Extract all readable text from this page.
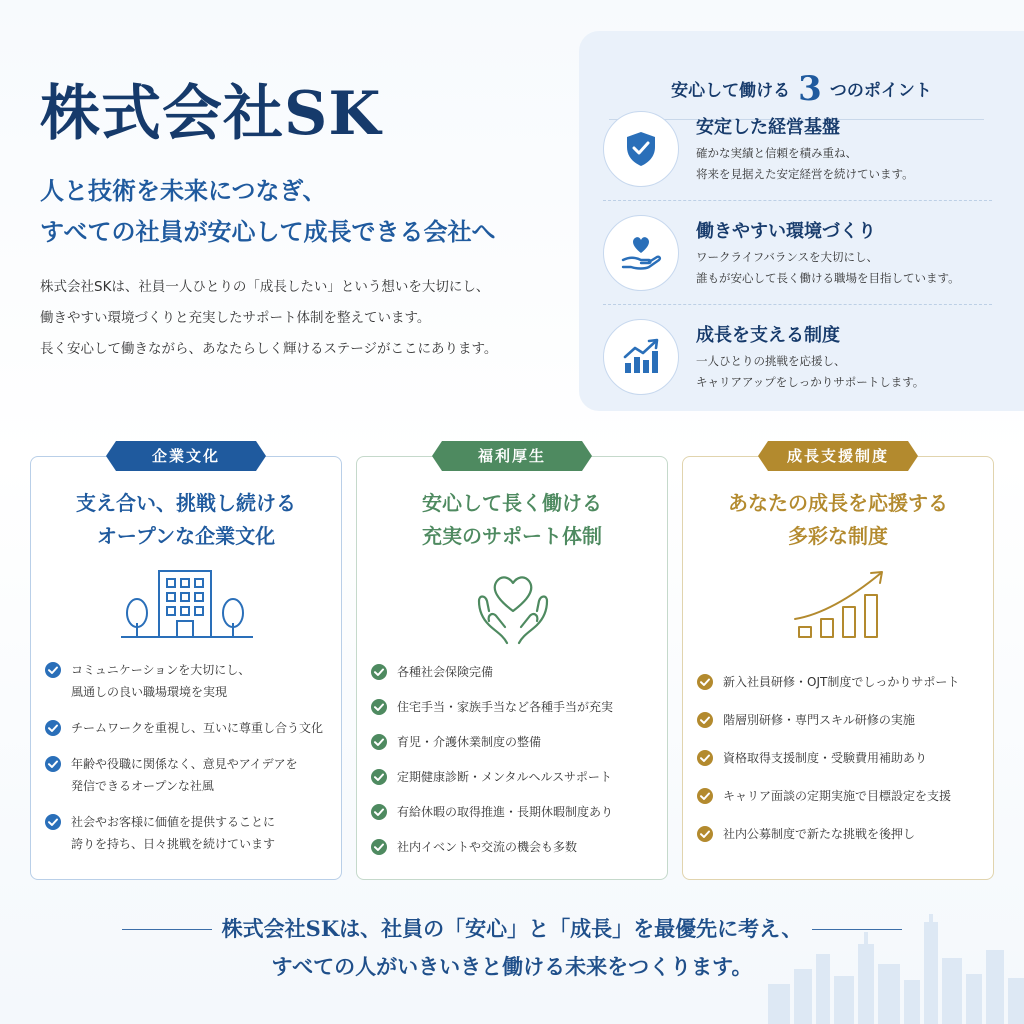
株式会社SK
人と技術を未来につなぎ、
すべての社員が安心して成長できる会社へ
株式会社SKは、社員一人ひとりの「成長したい」という想いを大切にし、
働きやすい環境づくりと充実したサポート体制を整えています。
長く安心して働きながら、あなたらしく輝けるステージがここにあります。
安心して働ける 3 つのポイント
安定した経営基盤
確かな実績と信頼を積み重ね、
将来を見据えた安定経営を続けています。
働きやすい環境づくり
ワークライフバランスを大切にし、
誰もが安心して長く働ける職場を目指しています。
成長を支える制度
一人ひとりの挑戦を応援し、
キャリアアップをしっかりサポートします。
企業文化
支え合い、挑戦し続ける
オープンな企業文化
コミュニケーションを大切にし、
風通しの良い職場環境を実現
チームワークを重視し、互いに尊重し合う文化
年齢や役職に関係なく、意見やアイデアを
発信できるオープンな社風
社会やお客様に価値を提供することに
誇りを持ち、日々挑戦を続けています
福利厚生
安心して長く働ける
充実のサポート体制
各種社会保険完備
住宅手当・家族手当など各種手当が充実
育児・介護休業制度の整備
定期健康診断・メンタルヘルスサポート
有給休暇の取得推進・長期休暇制度あり
社内イベントや交流の機会も多数
成長支援制度
あなたの成長を応援する
多彩な制度
新入社員研修・OJT制度でしっかりサポート
階層別研修・専門スキル研修の実施
資格取得支援制度・受験費用補助あり
キャリア面談の定期実施で目標設定を支援
社内公募制度で新たな挑戦を後押し
株式会社SKは、社員の「安心」と「成長」を最優先に考え、
すべての人がいきいきと働ける未来をつくります。
